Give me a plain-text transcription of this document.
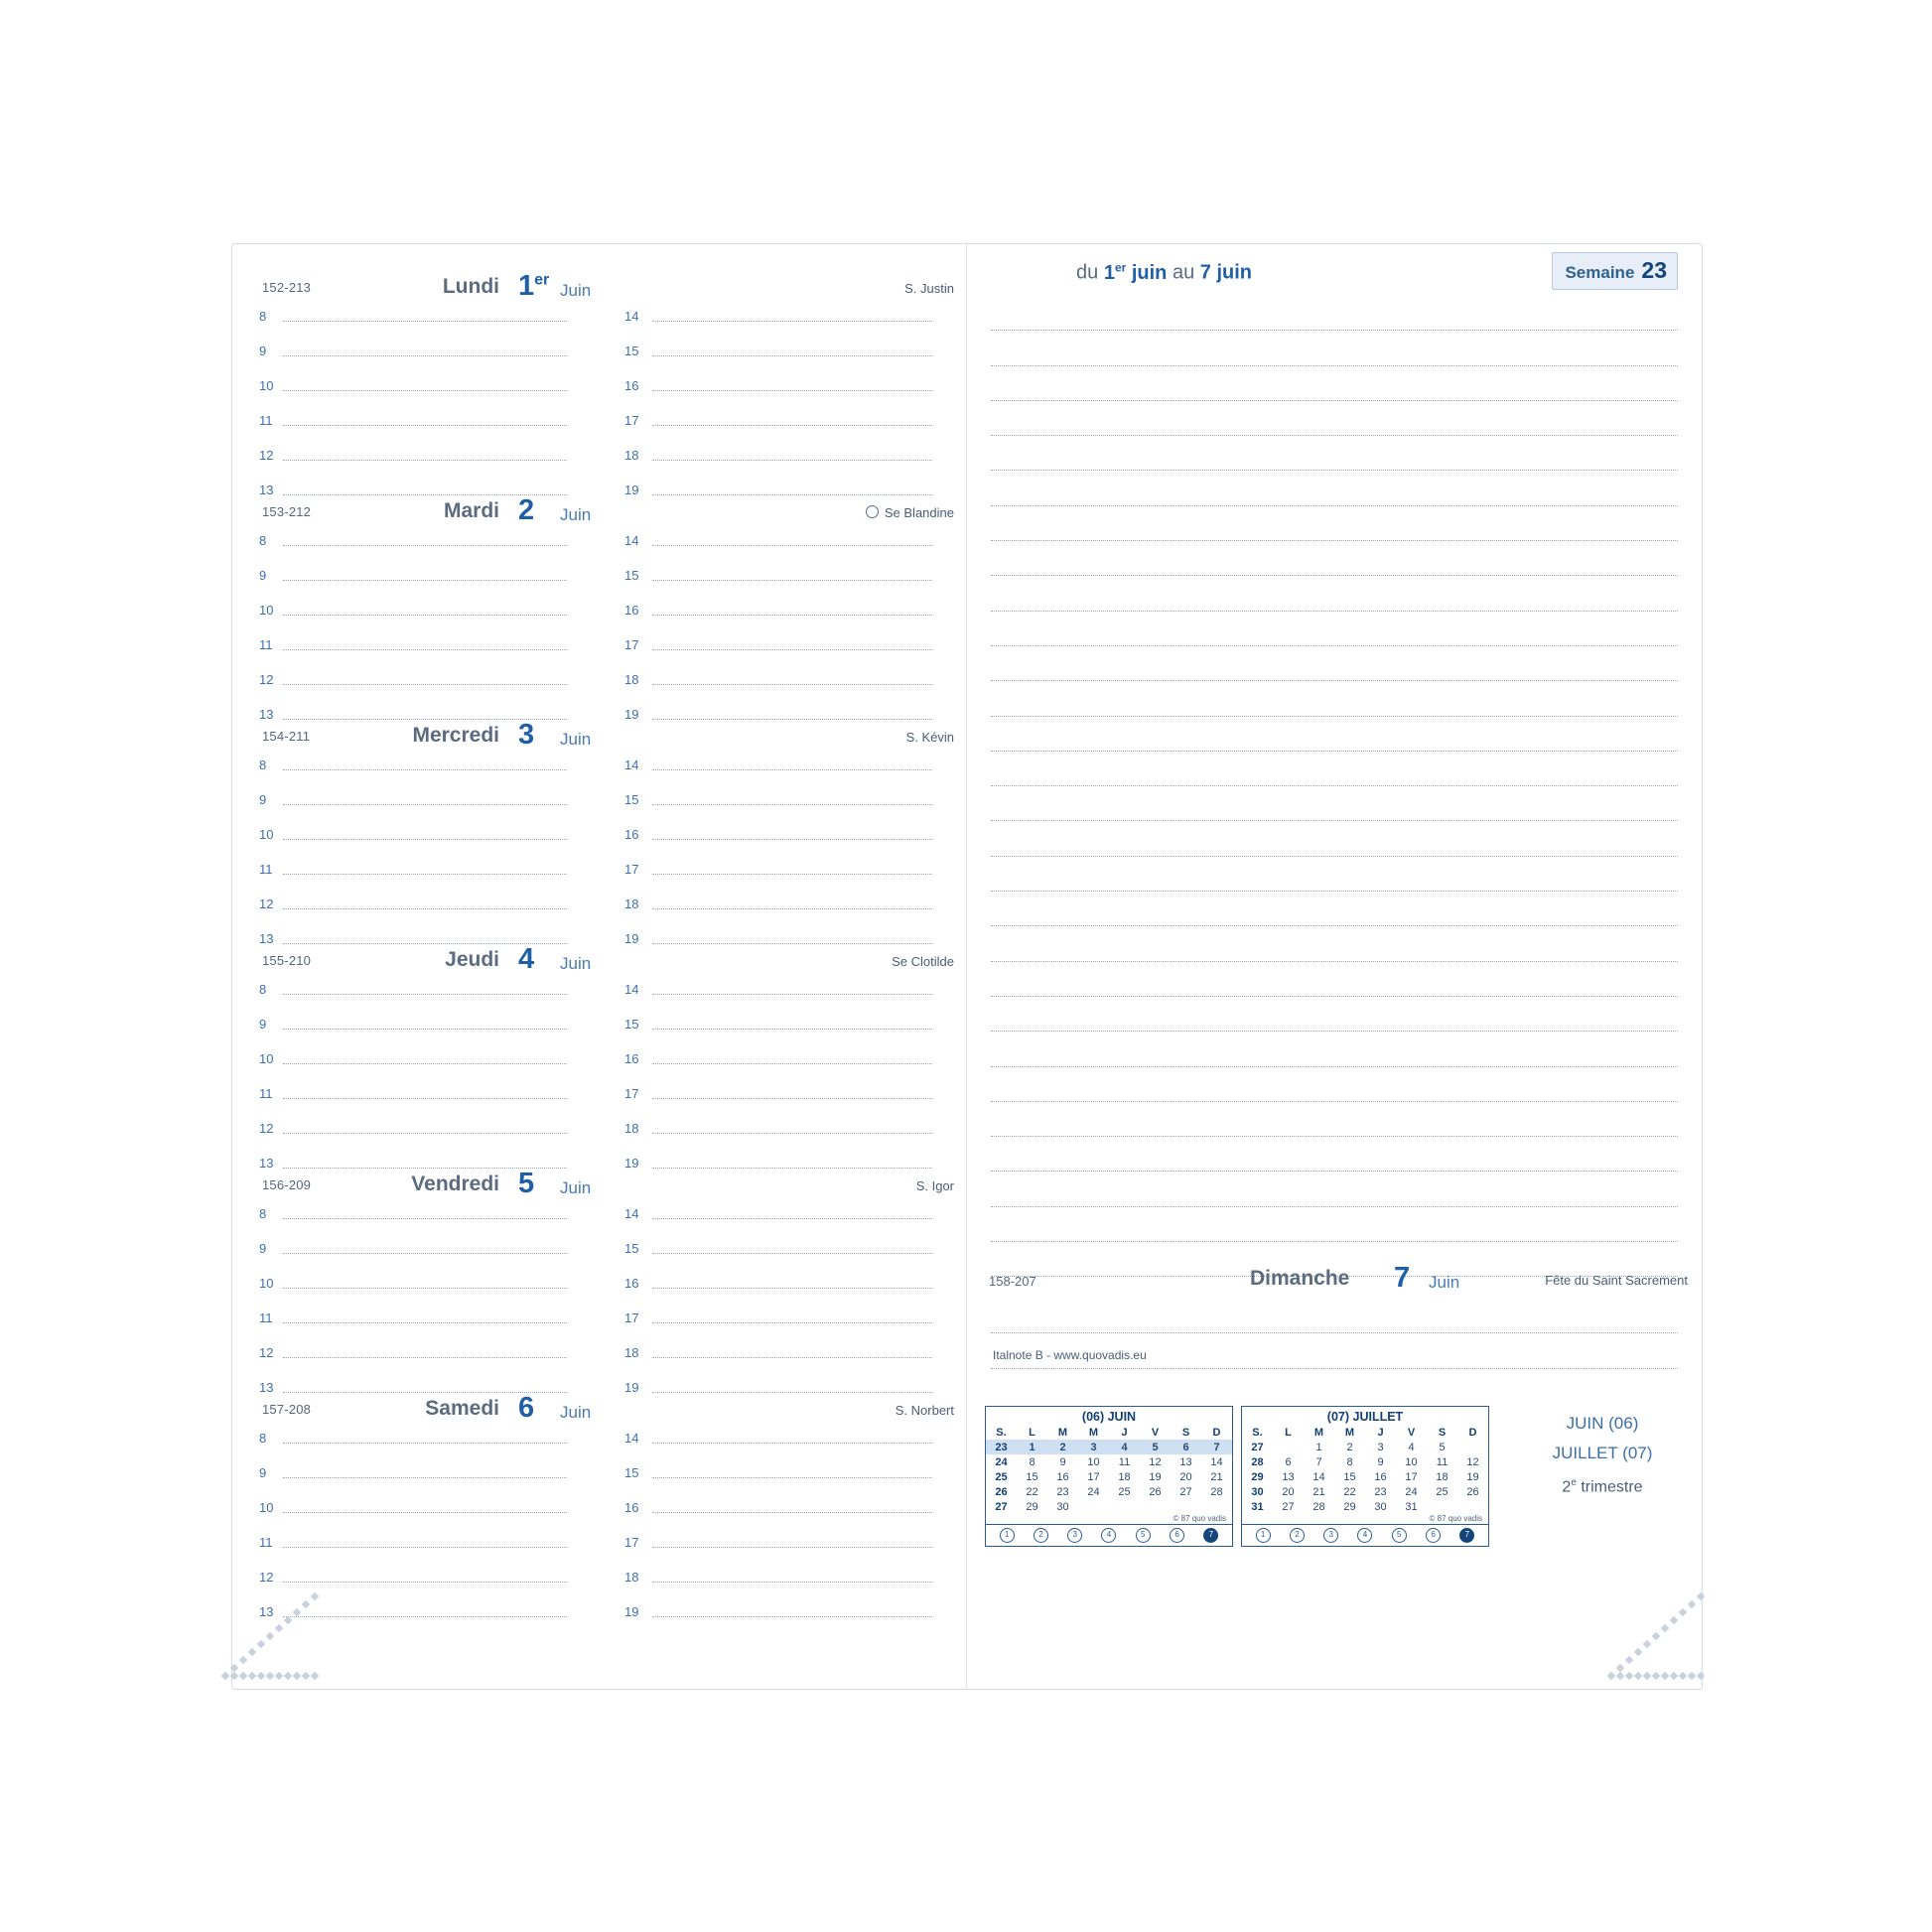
152-213	Lundi 1er
Juin	S. Justin
8	14
9	15
10	16
11	17
12	18
13	19
153-212	Mardi 2 Juin	Se Blandine
8	14
9	15
10	16
11	17
12	18
13	19
154-211	Mercredi 3 Juin	S. Kévin
8	14
9	15
10	16
11	17
12	18
13	19
155-210	Jeudi 4 Juin	Se Clotilde
8	14
9	15
10	16
11	17
12	18
13	19
156-209	Vendredi 5 Juin	S. Igor
8	14
9	15
10	16
11	17
12	18
13	19
157-208	Samedi 6 Juin	S. Norbert
8	14
9	15
10	16
11	17
12	18
13	19
du 1er juin au 7 juin	Semaine 23
158-207	Dimanche 7 Juin	Fête du Saint Sacrement
Italnote B - www.quovadis.eu
(06) JUIN
S.	L	M	M	J	V	S	D
23	1	2	3	4	5	6	7
24	8	9	10	11	12	13	14
25	15	16	17	18	19	20	21
26	22	23	24	25	26	27	28
27	29	30					
© 87 quo vadis
1	2	3	4	5	6	7
(07) JUILLET
S.	L	M	M	J	V	S	D
27		1	2	3	4	5	
28	6	7	8	9	10	11	12
29	13	14	15	16	17	18	19
30	20	21	22	23	24	25	26
31	27	28	29	30	31		
© 87 quo vadis
1	2	3	4	5	6	7
JUIN (06)
JUILLET (07)
2e trimestre
